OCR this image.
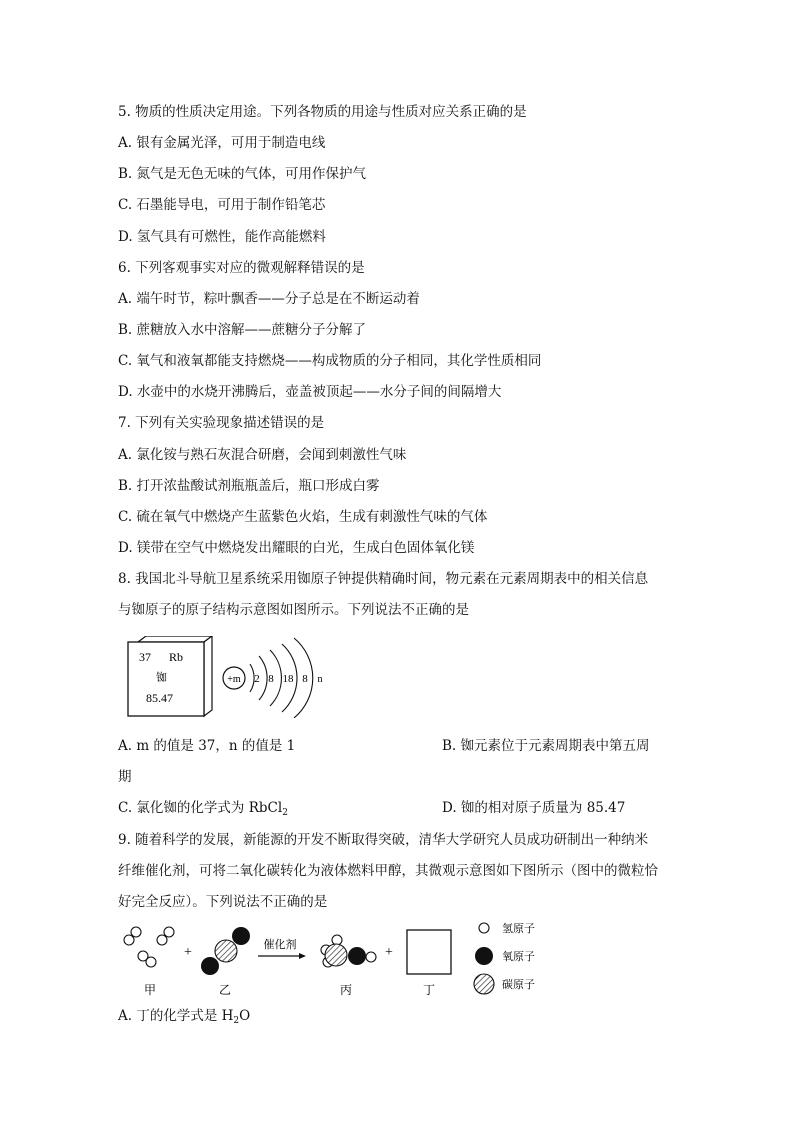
5. 物质的性质决定用途。下列各物质的用途与性质对应关系正确的是
A. 银有金属光泽，可用于制造电线
B. 氮气是无色无味的气体，可用作保护气
C. 石墨能导电，可用于制作铅笔芯
D. 氢气具有可燃性，能作高能燃料
6. 下列客观事实对应的微观解释错误的是
A. 端午时节，粽叶飘香——分子总是在不断运动着
B. 蔗糖放入水中溶解——蔗糖分子分解了
C. 氧气和液氧都能支持燃烧——构成物质的分子相同，其化学性质相同
D. 水壶中的水烧开沸腾后，壶盖被顶起——水分子间的间隔增大
7. 下列有关实验现象描述错误的是
A. 氯化铵与熟石灰混合研磨，会闻到刺激性气味
B. 打开浓盐酸试剂瓶瓶盖后，瓶口形成白雾
C. 硫在氧气中燃烧产生蓝紫色火焰，生成有刺激性气味的气体
D. 镁带在空气中燃烧发出耀眼的白光，生成白色固体氧化镁
8. 我国北斗导航卫星系统采用铷原子钟提供精确时间，物元素在元素周期表中的相关信息
与铷原子的原子结构示意图如图所示。下列说法不正确的是
37 Rb
铷
85.47
+m 2 8 18 8 n
A. m 的值是 37，n 的值是 1	B. 铷元素位于元素周期表中第五周
期
C. 氯化铷的化学式为 RbCl$_2$	D. 铷的相对原子质量为 85.47
9. 随着科学的发展，新能源的开发不断取得突破，清华大学研究人员成功研制出一种纳米
纤维催化剂，可将二氧化碳转化为液体燃料甲醇，其微观示意图如下图所示（图中的微粒恰
好完全反应）。下列说法不正确的是
+	催化剂	+
甲	乙	丙	丁
氢原子
氧原子
碳原子
A. 丁的化学式是 $H_2O$
